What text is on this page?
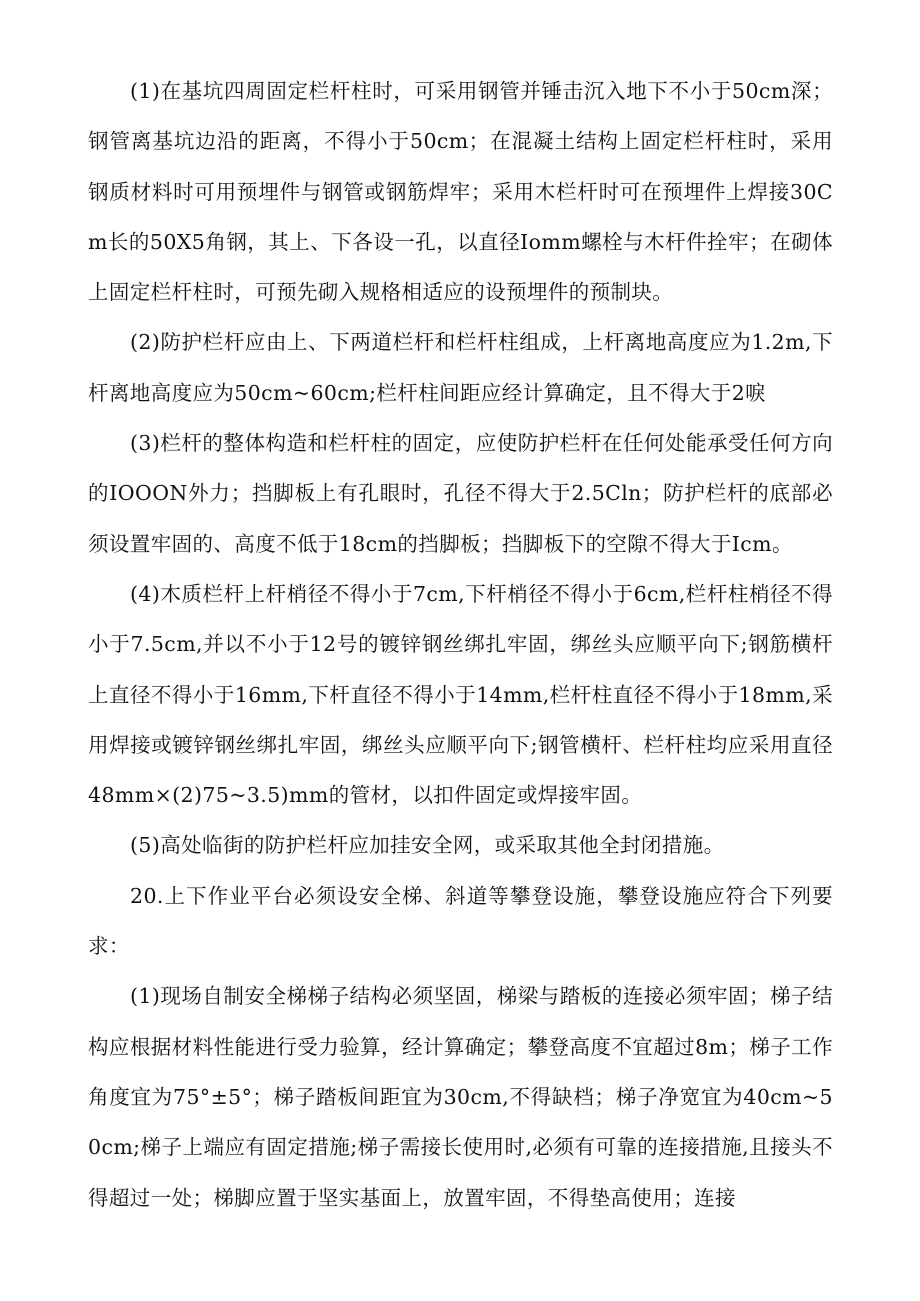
(1)在基坑四周固定栏杆柱时，可采用钢管并锤击沉入地下不小于50cm深；钢管离基坑边沿的距离，不得小于50cm；在混凝土结构上固定栏杆柱时，采用钢质材料时可用预埋件与钢管或钢筋焊牢；采用木栏杆时可在预埋件上焊接30Cm长的50X5角钢，其上、下各设一孔，以直径Iomm螺栓与木杆件拴牢；在砌体上固定栏杆柱时，可预先砌入规格相适应的设预埋件的预制块。

(2)防护栏杆应由上、下两道栏杆和栏杆柱组成，上杆离地高度应为1.2m,下杆离地高度应为50cm~60cm;栏杆柱间距应经计算确定，且不得大于2唳

(3)栏杆的整体构造和栏杆柱的固定，应使防护栏杆在任何处能承受任何方向的IOOON外力；挡脚板上有孔眼时，孔径不得大于2.5Cln；防护栏杆的底部必须设置牢固的、高度不低于18cm的挡脚板；挡脚板下的空隙不得大于Icm。

(4)木质栏杆上杆梢径不得小于7cm,下杆梢径不得小于6cm,栏杆柱梢径不得小于7.5cm,并以不小于12号的镀锌钢丝绑扎牢固，绑丝头应顺平向下;钢筋横杆上直径不得小于16mm,下杆直径不得小于14mm,栏杆柱直径不得小于18mm,采用焊接或镀锌钢丝绑扎牢固，绑丝头应顺平向下;钢管横杆、栏杆柱均应采用直径48mm×(2)75~3.5)mm的管材，以扣件固定或焊接牢固。

(5)高处临街的防护栏杆应加挂安全网，或采取其他全封闭措施。

20.上下作业平台必须设安全梯、斜道等攀登设施，攀登设施应符合下列要求：

(1)现场自制安全梯梯子结构必须坚固，梯梁与踏板的连接必须牢固；梯子结构应根据材料性能进行受力验算，经计算确定；攀登高度不宜超过8m；梯子工作角度宜为75°±5°；梯子踏板间距宜为30cm,不得缺档；梯子净宽宜为40cm~50cm;梯子上端应有固定措施;梯子需接长使用时,必须有可靠的连接措施,且接头不得超过一处；梯脚应置于坚实基面上，放置牢固，不得垫高使用；连接
